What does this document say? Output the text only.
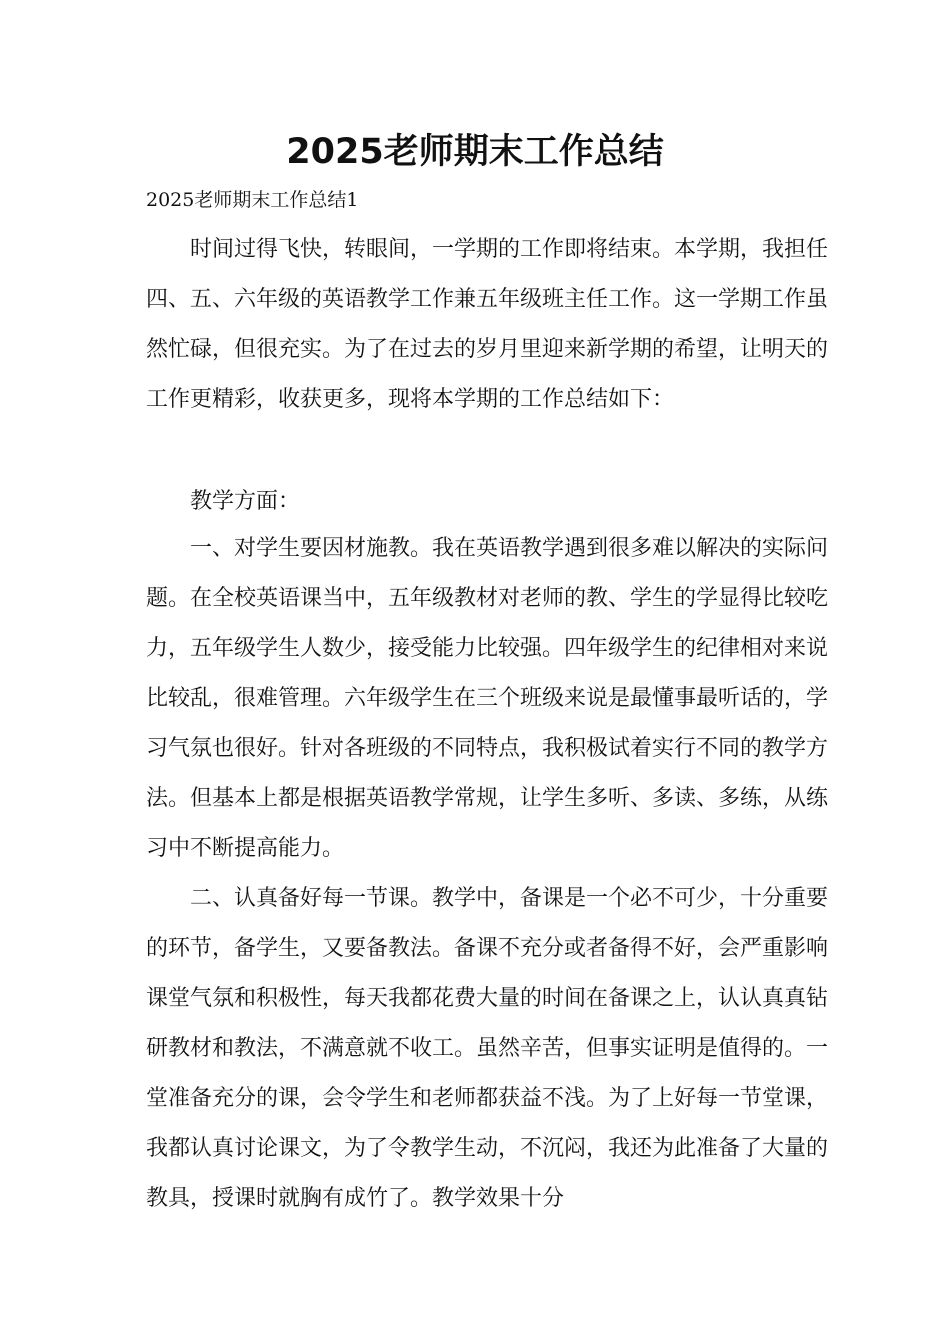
2025老师期末工作总结

2025老师期末工作总结1

时间过得飞快，转眼间，一学期的工作即将结束。本学期，我担任四、五、六年级的英语教学工作兼五年级班主任工作。这一学期工作虽然忙碌，但很充实。为了在过去的岁月里迎来新学期的希望，让明天的工作更精彩，收获更多，现将本学期的工作总结如下：

教学方面：

一、对学生要因材施教。我在英语教学遇到很多难以解决的实际问题。在全校英语课当中，五年级教材对老师的教、学生的学显得比较吃力，五年级学生人数少，接受能力比较强。四年级学生的纪律相对来说比较乱，很难管理。六年级学生在三个班级来说是最懂事最听话的，学习气氛也很好。针对各班级的不同特点，我积极试着实行不同的教学方法。但基本上都是根据英语教学常规，让学生多听、多读、多练，从练习中不断提高能力。

二、认真备好每一节课。教学中，备课是一个必不可少，十分重要的环节，备学生，又要备教法。备课不充分或者备得不好，会严重影响课堂气氛和积极性，每天我都花费大量的时间在备课之上，认认真真钻研教材和教法，不满意就不收工。虽然辛苦，但事实证明是值得的。一堂准备充分的课，会令学生和老师都获益不浅。为了上好每一节堂课，我都认真讨论课文，为了令教学生动，不沉闷，我还为此准备了大量的教具，授课时就胸有成竹了。教学效果十分
